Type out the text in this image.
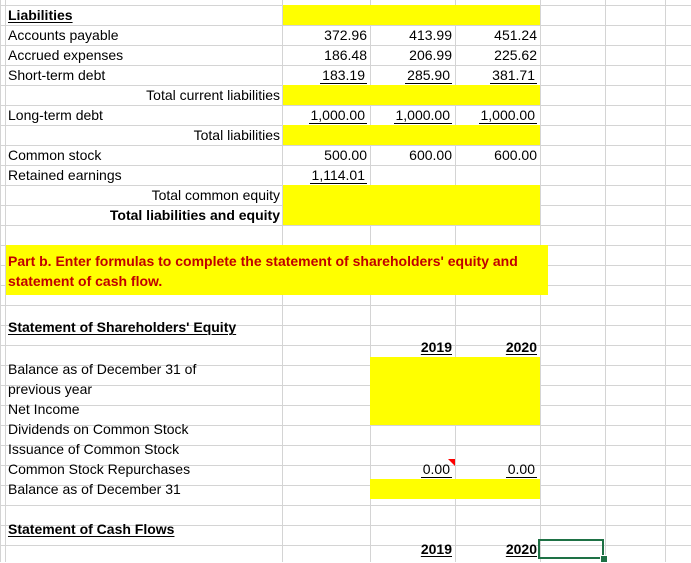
Liabilities
Accounts payable	372.96	413.99	451.24
Accrued expenses	186.48	206.99	225.62
Short-term debt	183.19	285.90	381.71
Total current liabilities
Long-term debt	1,000.00	1,000.00	1,000.00
Total liabilities
Common stock	500.00	600.00	600.00
Retained earnings	1,114.01
Total common equity
Total liabilities and equity
Part b. Enter formulas to complete the statement of shareholders' equity and statement of cash flow.
Statement of Shareholders' Equity
2019	2020
Balance as of December 31 of previous year
Net Income
Dividends on Common Stock
Issuance of Common Stock
Common Stock Repurchases	0.00	0.00
Balance as of December 31
Statement of Cash Flows
2019	2020
